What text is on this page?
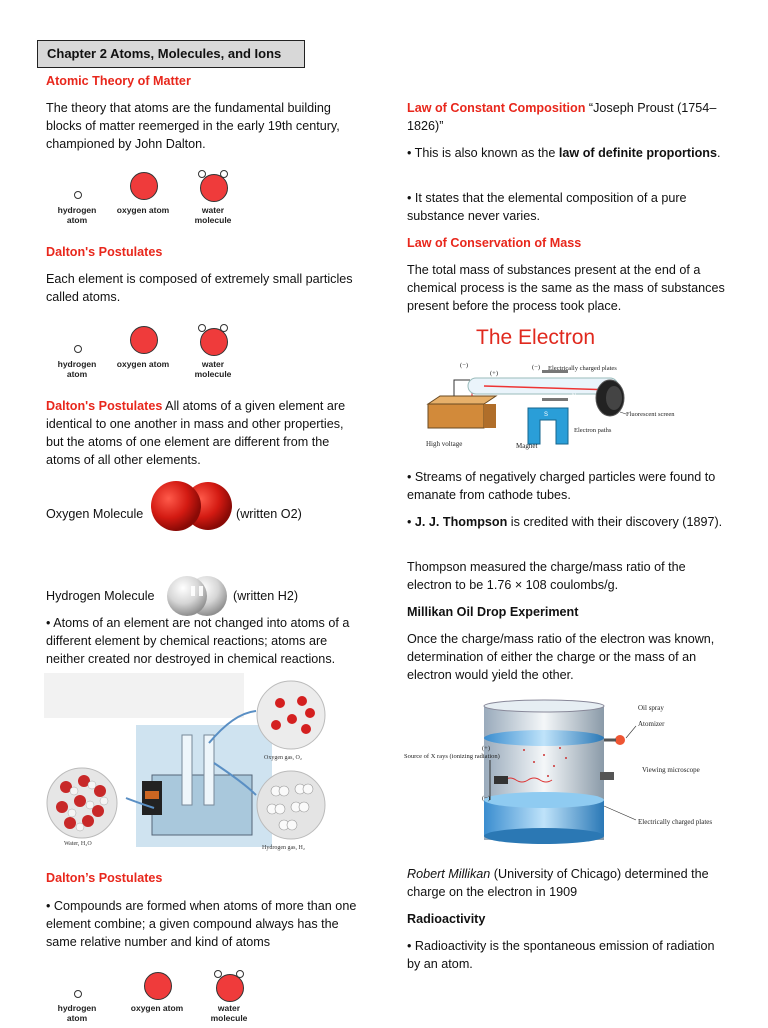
Chapter 2 Atoms, Molecules, and Ions
Atomic Theory of Matter

The theory that atoms are the fundamental building blocks of matter reemerged in the early 19th century, championed by John Dalton.

hydrogen atom
oxygen atom	water molecule
Dalton's Postulates

Each element is composed of extremely small particles called atoms.

hydrogen atom
oxygen atom	water molecule

Dalton's Postulates All atoms of a given element are identical to one another in mass and other properties, but the atoms of one element are different from the atoms of all other elements.

Oxygen Molecule	(written O2)
Hydrogen Molecule	(written H2)

• Atoms of an element are not changed into atoms of a different element by chemical reactions; atoms are neither created nor destroyed in chemical reactions.

Oxygen gas, O₂
Water, H₂O
Hydrogen gas, H₂
Dalton’s Postulates

• Compounds are formed when atoms of more than one element combine; a given compound always has the same relative number and kind of atoms

hydrogen atom
oxygen atom	water molecule

Law of Constant Composition “Joseph Proust (1754–1826)”

• This is also known as the law of definite proportions.

• It states that the elemental composition of a pure substance never varies.

Law of Conservation of Mass

The total mass of substances present at the end of a chemical process is the same as the mass of substances present before the process took place.

The Electron
N
S
(−)
(+)
(−) Electrically charged plates
High voltage	Magnet
Electron paths
Fluorescent screen

• Streams of negatively charged particles were found to emanate from cathode tubes.

• J. J. Thompson is credited with their discovery (1897).

Thompson measured the charge/mass ratio of the electron to be 1.76 × 108 coulombs/g.

Millikan Oil Drop Experiment

Once the charge/mass ratio of the electron was known, determination of either the charge or the mass of an electron would yield the other.

Oil spray
Atomizer
Source of X rays (ionizing radiation)
(+)
(−)
Viewing microscope
Electrically charged plates

Robert Millikan (University of Chicago) determined the charge on the electron in 1909

Radioactivity

• Radioactivity is the spontaneous emission of radiation by an atom.
